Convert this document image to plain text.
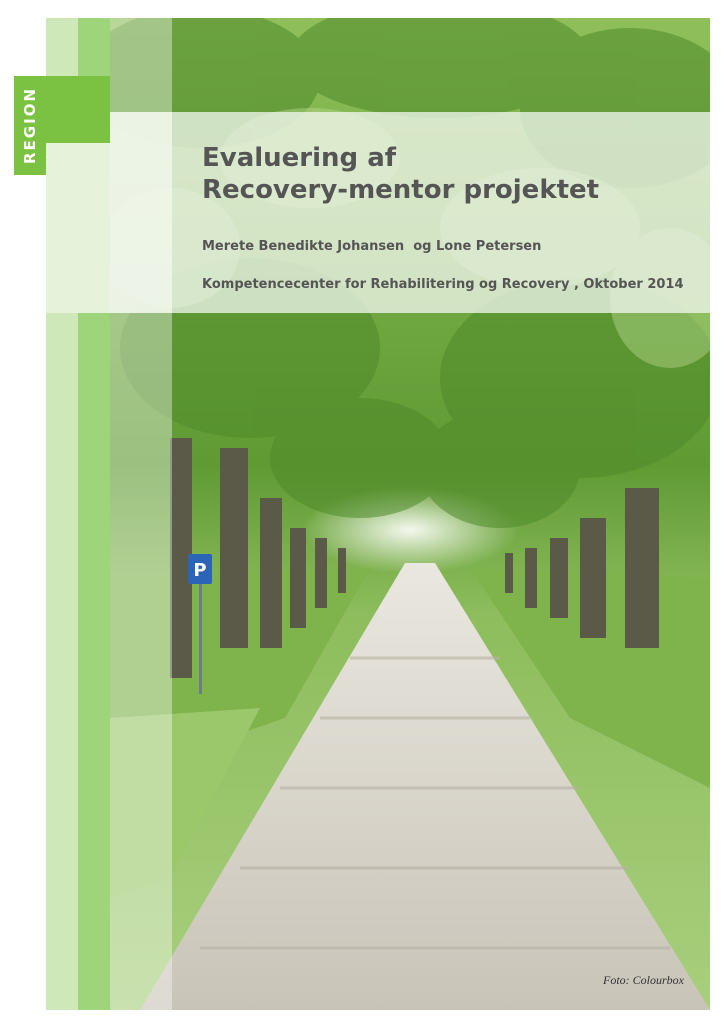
P
REGION	Evaluering af
Recovery-mentor projektet
Merete Benedikte Johansen  og Lone Petersen
Kompetencecenter for Rehabilitering og Recovery , Oktober 2014
Foto: Colourbox
